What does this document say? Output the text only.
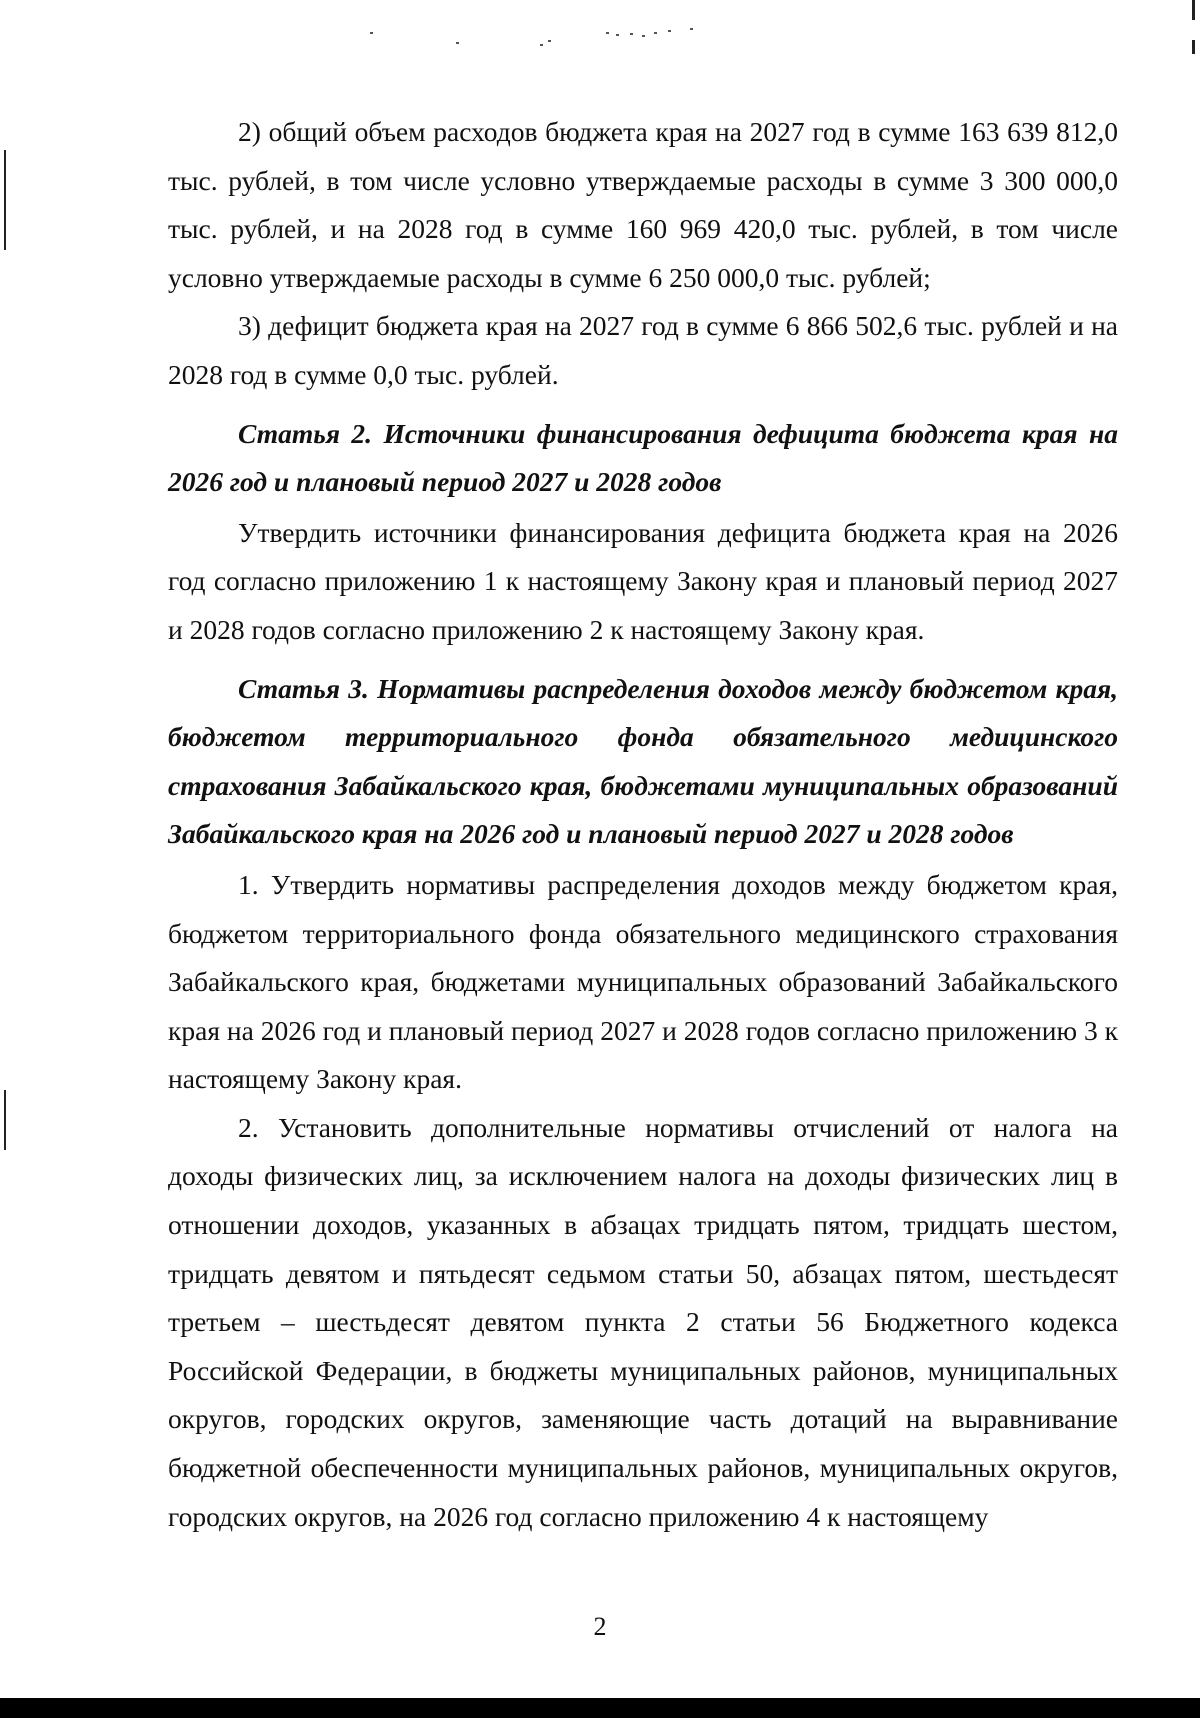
2) общий объем расходов бюджета края на 2027 год в сумме 163 639 812,0 тыс. рублей, в том числе условно утверждаемые расходы в сумме 3 300 000,0 тыс. рублей, и на 2028 год в сумме 160 969 420,0 тыс. рублей, в том числе условно утверждаемые расходы в сумме 6 250 000,0 тыс. рублей;

3) дефицит бюджета края на 2027 год в сумме 6 866 502,6 тыс. рублей и на 2028 год в сумме 0,0 тыс. рублей.

Статья 2. Источники финансирования дефицита бюджета края на 2026 год и плановый период 2027 и 2028 годов

Утвердить источники финансирования дефицита бюджета края на 2026 год согласно приложению 1 к настоящему Закону края и плановый период 2027 и 2028 годов согласно приложению 2 к настоящему Закону края.

Статья 3. Нормативы распределения доходов между бюджетом края, бюджетом территориального фонда обязательного медицинского страхования Забайкальского края, бюджетами муниципальных образований Забайкальского края на 2026 год и плановый период 2027 и 2028 годов

1. Утвердить нормативы распределения доходов между бюджетом края, бюджетом территориального фонда обязательного медицинского страхования Забайкальского края, бюджетами муниципальных образований Забайкальского края на 2026 год и плановый период 2027 и 2028 годов согласно приложению 3 к настоящему Закону края.

2. Установить дополнительные нормативы отчислений от налога на доходы физических лиц, за исключением налога на доходы физических лиц в отношении доходов, указанных в абзацах тридцать пятом, тридцать шестом, тридцать девятом и пятьдесят седьмом статьи 50, абзацах пятом, шестьдесят третьем – шестьдесят девятом пункта 2 статьи 56 Бюджетного кодекса Российской Федерации, в бюджеты муниципальных районов, муниципальных округов, городских округов, заменяющие часть дотаций на выравнивание бюджетной обеспеченности муниципальных районов, муниципальных округов, городских округов, на 2026 год согласно приложению 4 к настоящему

2
